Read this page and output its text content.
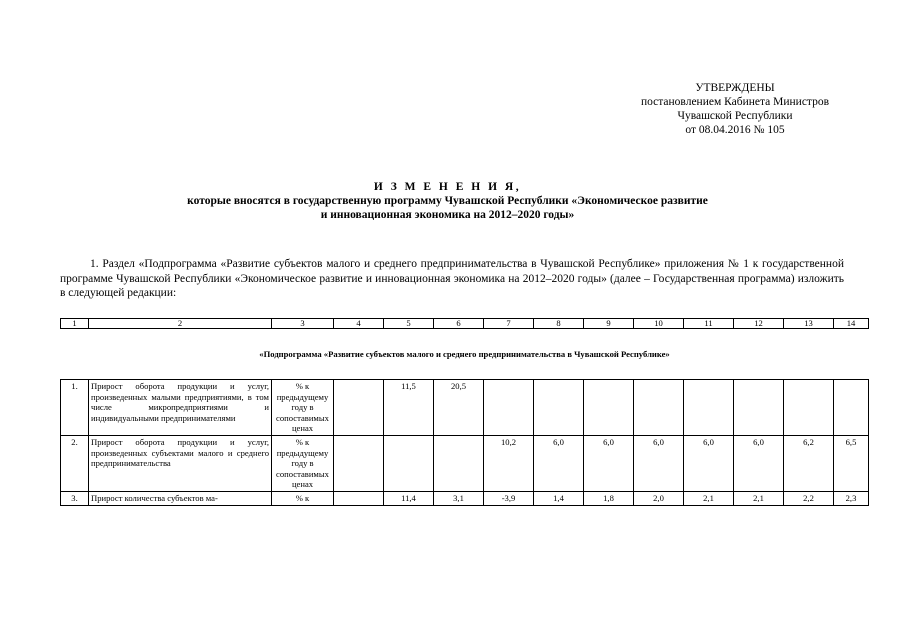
УТВЕРЖДЕНЫ
постановлением Кабинета Министров
Чувашской Республики
от 08.04.2016 № 105
И З М Е Н Е Н И Я,
которые вносятся в государственную программу Чувашской Республики «Экономическое развитие
и инновационная экономика на 2012–2020 годы»
1. Раздел «Подпрограмма «Развитие субъектов малого и среднего предпринимательства в Чувашской Республике» приложения № 1 к государственной программе Чувашской Республики «Экономическое развитие и инновационная экономика на 2012–2020 годы» (далее – Государственная программа) изложить в следующей редакции:
1	2	3	4	5	6	7	8	9	10	11	12	13	14
«Подпрограмма «Развитие субъектов малого и среднего предпринимательства в Чувашской Республике»													
1.	Прирост оборота продукции и услуг, произведенных малыми предприятиями, в том числе микропредприятиями и индивидуальными предпринимателями	% к предыдущему году в сопоставимых ценах		11,5	20,5								
2.	Прирост оборота продукции и услуг, произведенных субъектами малого и среднего предпринимательства	% к предыдущему году в сопоставимых ценах				10,2	6,0	6,0	6,0	6,0	6,0	6,2	6,5
3.	Прирост количества субъектов ма-	% к		11,4	3,1	-3,9	1,4	1,8	2,0	2,1	2,1	2,2	2,3
